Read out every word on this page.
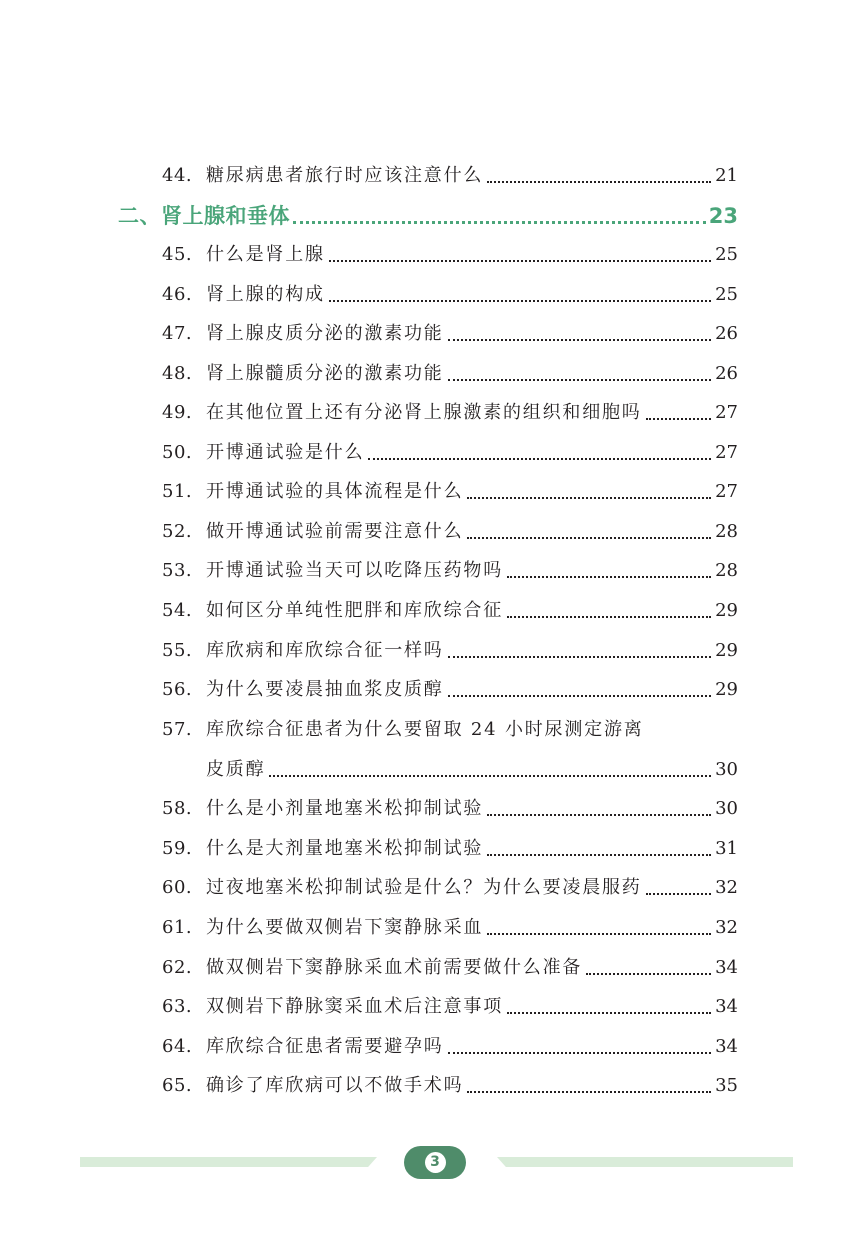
44. 糖尿病患者旅行时应该注意什么	21
二、肾上腺和垂体	23
45. 什么是肾上腺	25
46. 肾上腺的构成	25
47. 肾上腺皮质分泌的激素功能	26
48. 肾上腺髓质分泌的激素功能	26
49. 在其他位置上还有分泌肾上腺激素的组织和细胞吗	27
50. 开博通试验是什么	27
51. 开博通试验的具体流程是什么	27
52. 做开博通试验前需要注意什么	28
53. 开博通试验当天可以吃降压药物吗	28
54. 如何区分单纯性肥胖和库欣综合征	29
55. 库欣病和库欣综合征一样吗	29
56. 为什么要凌晨抽血浆皮质醇	29
57. 库欣综合征患者为什么要留取 24 小时尿测定游离
皮质醇	30
58. 什么是小剂量地塞米松抑制试验	30
59. 什么是大剂量地塞米松抑制试验	31
60. 过夜地塞米松抑制试验是什么？为什么要凌晨服药	32
61. 为什么要做双侧岩下窦静脉采血	32
62. 做双侧岩下窦静脉采血术前需要做什么准备	34
63. 双侧岩下静脉窦采血术后注意事项	34
64. 库欣综合征患者需要避孕吗	34
65. 确诊了库欣病可以不做手术吗	35
3
